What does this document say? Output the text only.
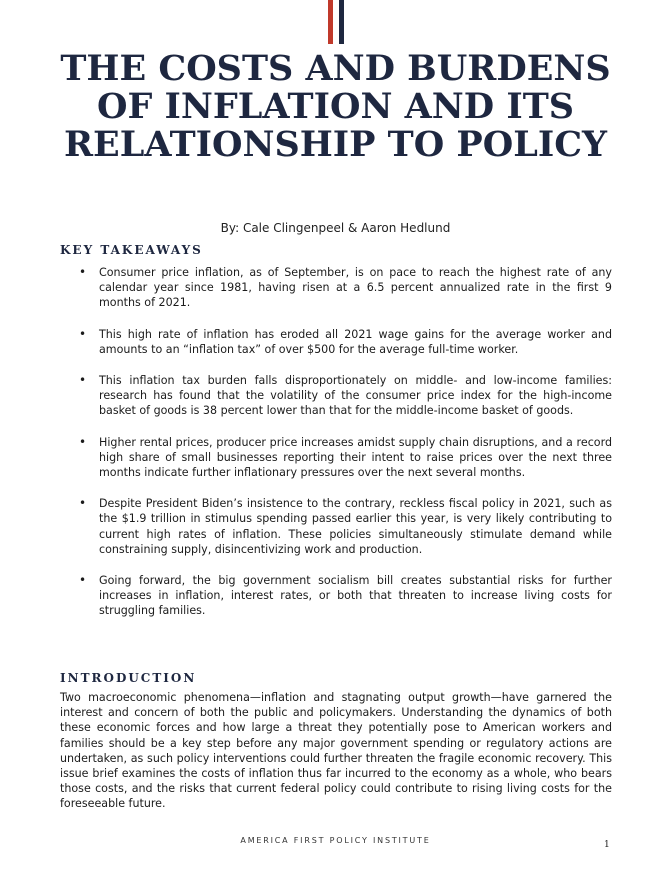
THE COSTS AND BURDENS OF INFLATION AND ITS RELATIONSHIP TO POLICY
By: Cale Clingenpeel & Aaron Hedlund
KEY TAKEAWAYS
• Consumer price inflation, as of September, is on pace to reach the highest rate of any calendar year since 1981, having risen at a 6.5 percent annualized rate in the first 9 months of 2021.
• This high rate of inflation has eroded all 2021 wage gains for the average worker and amounts to an “inflation tax” of over $500 for the average full-time worker.
• This inflation tax burden falls disproportionately on middle- and low-income families: research has found that the volatility of the consumer price index for the high-income basket of goods is 38 percent lower than that for the middle-income basket of goods.
• Higher rental prices, producer price increases amidst supply chain disruptions, and a record high share of small businesses reporting their intent to raise prices over the next three months indicate further inflationary pressures over the next several months.
• Despite President Biden’s insistence to the contrary, reckless fiscal policy in 2021, such as the $1.9 trillion in stimulus spending passed earlier this year, is very likely contributing to current high rates of inflation. These policies simultaneously stimulate demand while constraining supply, disincentivizing work and production.
• Going forward, the big government socialism bill creates substantial risks for further increases in inflation, interest rates, or both that threaten to increase living costs for struggling families.
INTRODUCTION

Two macroeconomic phenomena—inflation and stagnating output growth—have garnered the interest and concern of both the public and policymakers. Understanding the dynamics of both these economic forces and how large a threat they potentially pose to American workers and families should be a key step before any major government spending or regulatory actions are undertaken, as such policy interventions could further threaten the fragile economic recovery. This issue brief examines the costs of inflation thus far incurred to the economy as a whole, who bears those costs, and the risks that current federal policy could contribute to rising living costs for the foreseeable future.

AMERICA FIRST POLICY INSTITUTE	1
